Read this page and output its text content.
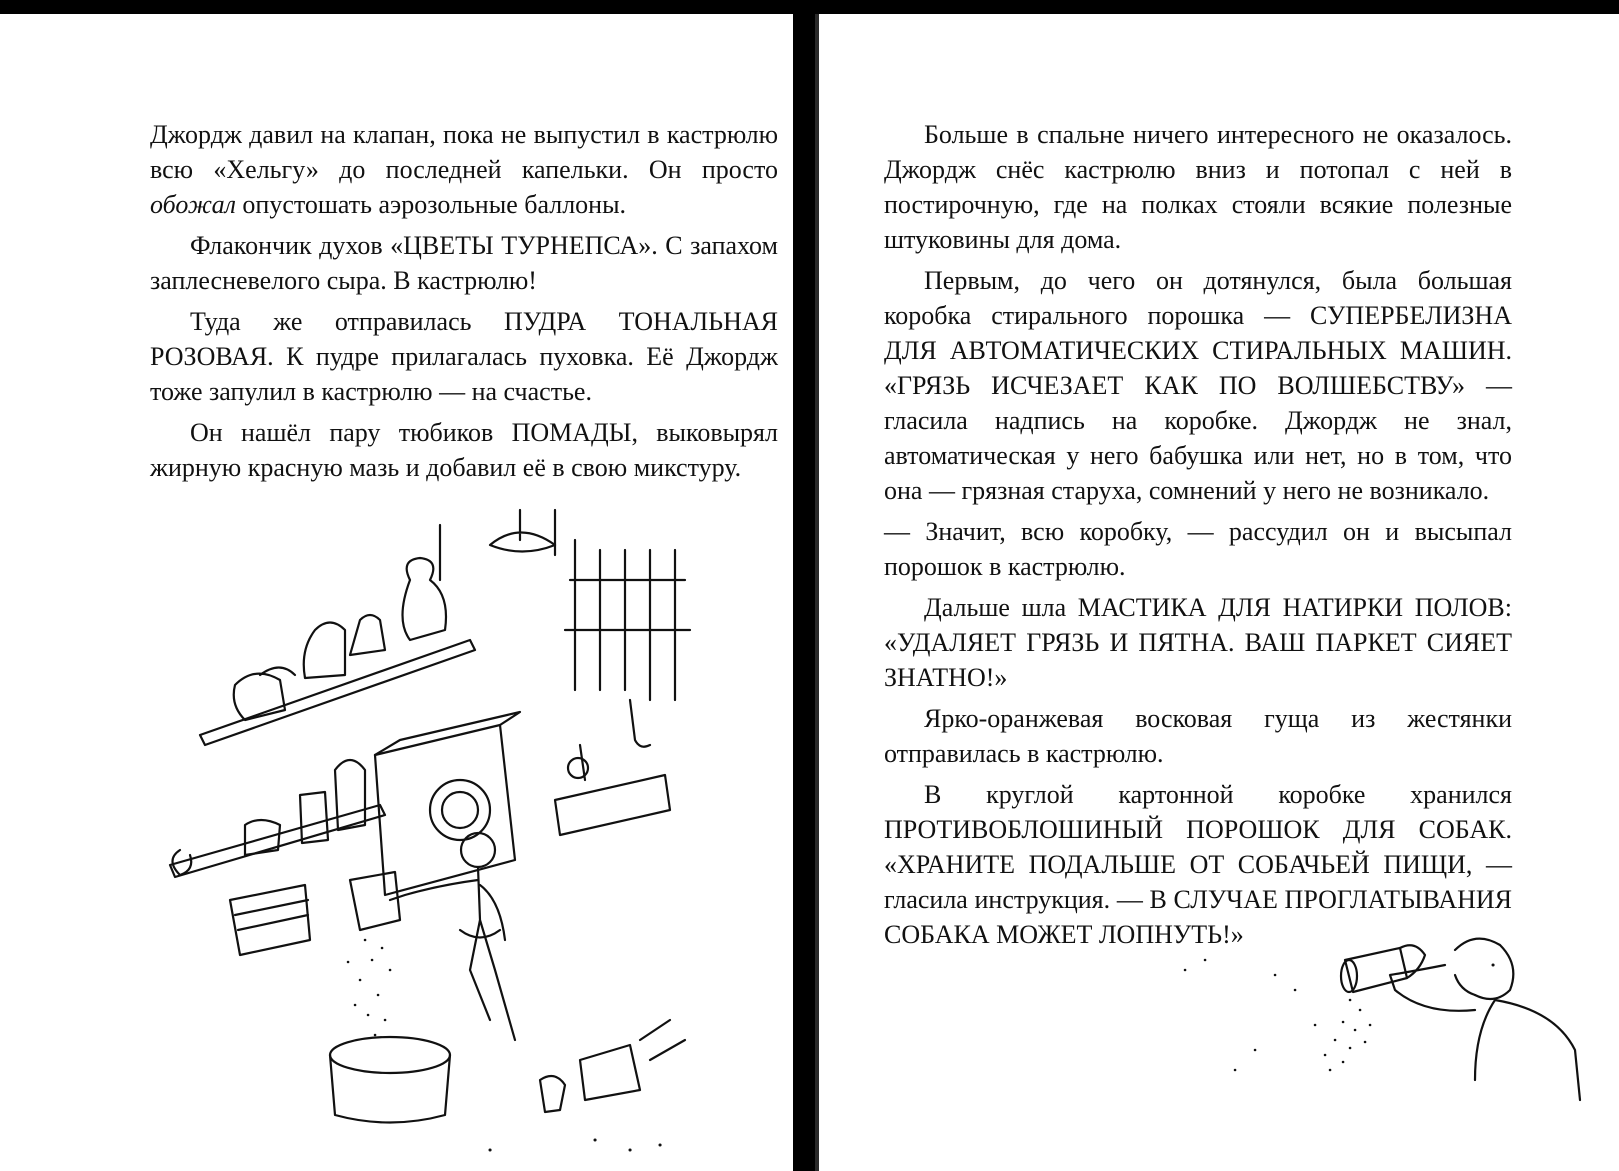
Джордж давил на клапан, пока не выпустил в кастрюлю всю «Хельгу» до последней капельки. Он просто обожал опустошать аэрозольные баллоны.

Флакончик духов «ЦВЕТЫ ТУРНЕПСА». С запахом заплесневелого сыра. В кастрюлю!

Туда же отправилась ПУДРА ТОНАЛЬНАЯ РОЗОВАЯ. К пудре прилагалась пуховка. Её Джордж тоже запулил в кастрюлю — на счастье.

Он нашёл пару тюбиков ПОМАДЫ, выковырял жирную красную мазь и добавил её в свою микстуру.

Больше в спальне ничего интересного не оказалось. Джордж снёс кастрюлю вниз и потопал с ней в постирочную, где на полках стояли всякие полезные штуковины для дома.

Первым, до чего он дотянулся, была большая коробка стирального порошка — СУПЕРБЕЛИЗНА ДЛЯ АВТОМАТИЧЕСКИХ СТИРАЛЬНЫХ МАШИН. «ГРЯЗЬ ИСЧЕЗАЕТ КАК ПО ВОЛШЕБСТВУ» — гласила надпись на коробке. Джордж не знал, автоматическая у него бабушка или нет, но в том, что она — грязная старуха, сомнений у него не возникало.

— Значит, всю коробку, — рассудил он и высыпал порошок в кастрюлю.

Дальше шла МАСТИКА ДЛЯ НАТИРКИ ПОЛОВ: «УДАЛЯЕТ ГРЯЗЬ И ПЯТНА. ВАШ ПАРКЕТ СИЯЕТ ЗНАТНО!»

Ярко-оранжевая восковая гуща из жестянки отправилась в кастрюлю.

В круглой картонной коробке хранился ПРОТИВОБЛОШИНЫЙ ПОРОШОК ДЛЯ СОБАК. «ХРАНИТЕ ПОДАЛЬШЕ ОТ СОБАЧЬЕЙ ПИЩИ, — гласила инструкция. — В СЛУЧАЕ ПРОГЛАТЫВАНИЯ СОБАКА МОЖЕТ ЛОПНУТЬ!»
